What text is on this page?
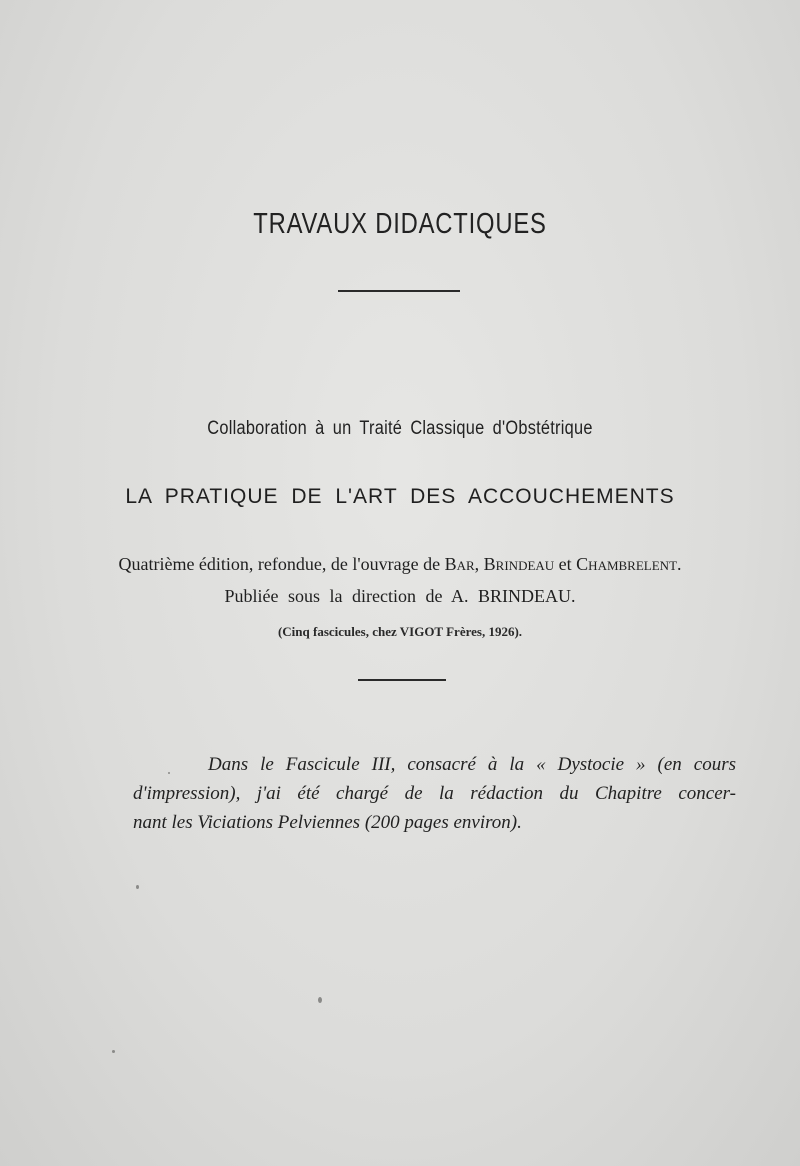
TRAVAUX DIDACTIQUES
Collaboration à un Traité Classique d'Obstétrique
LA PRATIQUE DE L'ART DES ACCOUCHEMENTS
Quatrième édition, refondue, de l'ouvrage de Bar, Brindeau et Chambrelent.
Publiée sous la direction de A. BRINDEAU.
(Cinq fascicules, chez VIGOT Frères, 1926).
Dans le Fascicule III, consacré à la « Dystocie » (en cours
d'impression), j'ai été chargé de la rédaction du Chapitre concer-
nant les Viciations Pelviennes (200 pages environ).
